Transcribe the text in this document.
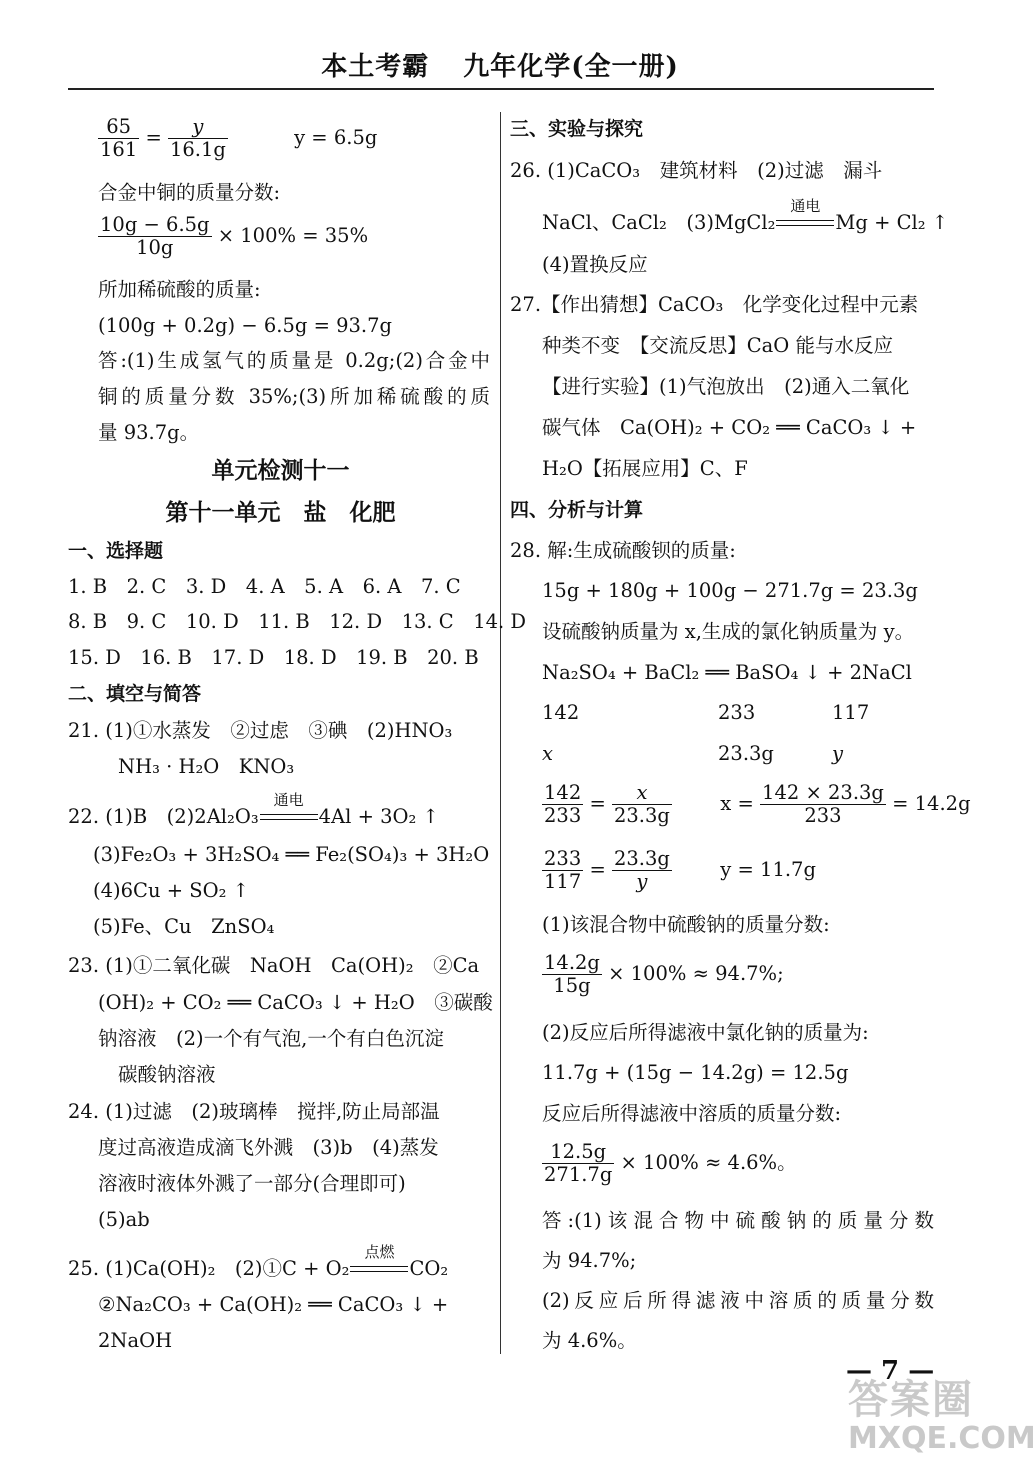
本土考霸 九年化学(全一册)
$\frac{65}{161} = \frac{y}{16.1g}$	y = 6.5g
合金中铜的质量分数:
$\frac{10g - 6.5g}{10g} \times 100\% = 35\%$
所加稀硫酸的质量:
(100g + 0.2g) − 6.5g = 93.7g
答:(1)生成氢气的质量是 0.2g;(2)合金中
铜的质量分数 35%;(3)所加稀硫酸的质
量 93.7g。
单元检测十一
第十一单元　盐　化肥
一、选择题
1. B　2. C　3. D　4. A　5. A　6. A　7. C
8. B　9. C　10. D　11. B　12. D　13. C　14. D
15. D　16. B　17. D　18. D　19. B　20. B
二、填空与简答
21. (1)①水蒸发　②过虑　③碘　(2)HNO₃
NH₃ · H₂O　KNO₃
22. (1)B　(2)2Al₂O₃
通电
4Al + 3O₂ ↑
(3)Fe₂O₃ + 3H₂SO₄ ══ Fe₂(SO₄)₃ + 3H₂O
(4)6Cu + SO₂ ↑
(5)Fe、Cu　ZnSO₄
23. (1)①二氧化碳　NaOH　Ca(OH)₂　②Ca
(OH)₂ + CO₂ ══ CaCO₃ ↓ + H₂O　③碳酸
钠溶液　(2)一个有气泡,一个有白色沉淀
碳酸钠溶液
24. (1)过滤　(2)玻璃棒　搅拌,防止局部温
度过高液造成滴飞外溅　(3)b　(4)蒸发
溶液时液体外溅了一部分(合理即可)
(5)ab
25. (1)Ca(OH)₂　(2)①C + O₂
点燃
CO₂
②Na₂CO₃ + Ca(OH)₂ ══ CaCO₃ ↓ +
2NaOH
三、实验与探究
26. (1)CaCO₃　建筑材料　(2)过滤　漏斗
NaCl、CaCl₂　(3)MgCl₂
通电
Mg + Cl₂ ↑
(4)置换反应
27.【作出猜想】CaCO₃　化学变化过程中元素
种类不变　【交流反思】CaO 能与水反应
【进行实验】(1)气泡放出　(2)通入二氧化
碳气体　Ca(OH)₂ + CO₂ ══ CaCO₃ ↓ +
H₂O【拓展应用】C、F
四、分析与计算
28. 解:生成硫酸钡的质量:
15g + 180g + 100g − 271.7g = 23.3g
设硫酸钠质量为 x,生成的氯化钠质量为 y。
Na₂SO₄ + BaCl₂ ══ BaSO₄ ↓ + 2NaCl
142	233	117
x	23.3g	y
$\frac{142}{233} = \frac{x}{23.3g}$ $x = \frac{142 \times 23.3g}{233} = 14.2g$
$\frac{233}{117} = \frac{23.3g}{y}$ y = 11.7g
(1)该混合物中硫酸钠的质量分数:
$\frac{14.2g}{15g} \times 100\% \approx 94.7\%$;
(2)反应后所得滤液中氯化钠的质量为:
11.7g + (15g − 14.2g) = 12.5g
反应后所得滤液中溶质的质量分数:
$\frac{12.5g}{271.7g} \times 100\% \approx 4.6\%$。
答:(1)该混合物中硫酸钠的质量分数
为 94.7%;
(2)反应后所得滤液中溶质的质量分数
为 4.6%。
— 7 —
答案圈
MXQE.COM
